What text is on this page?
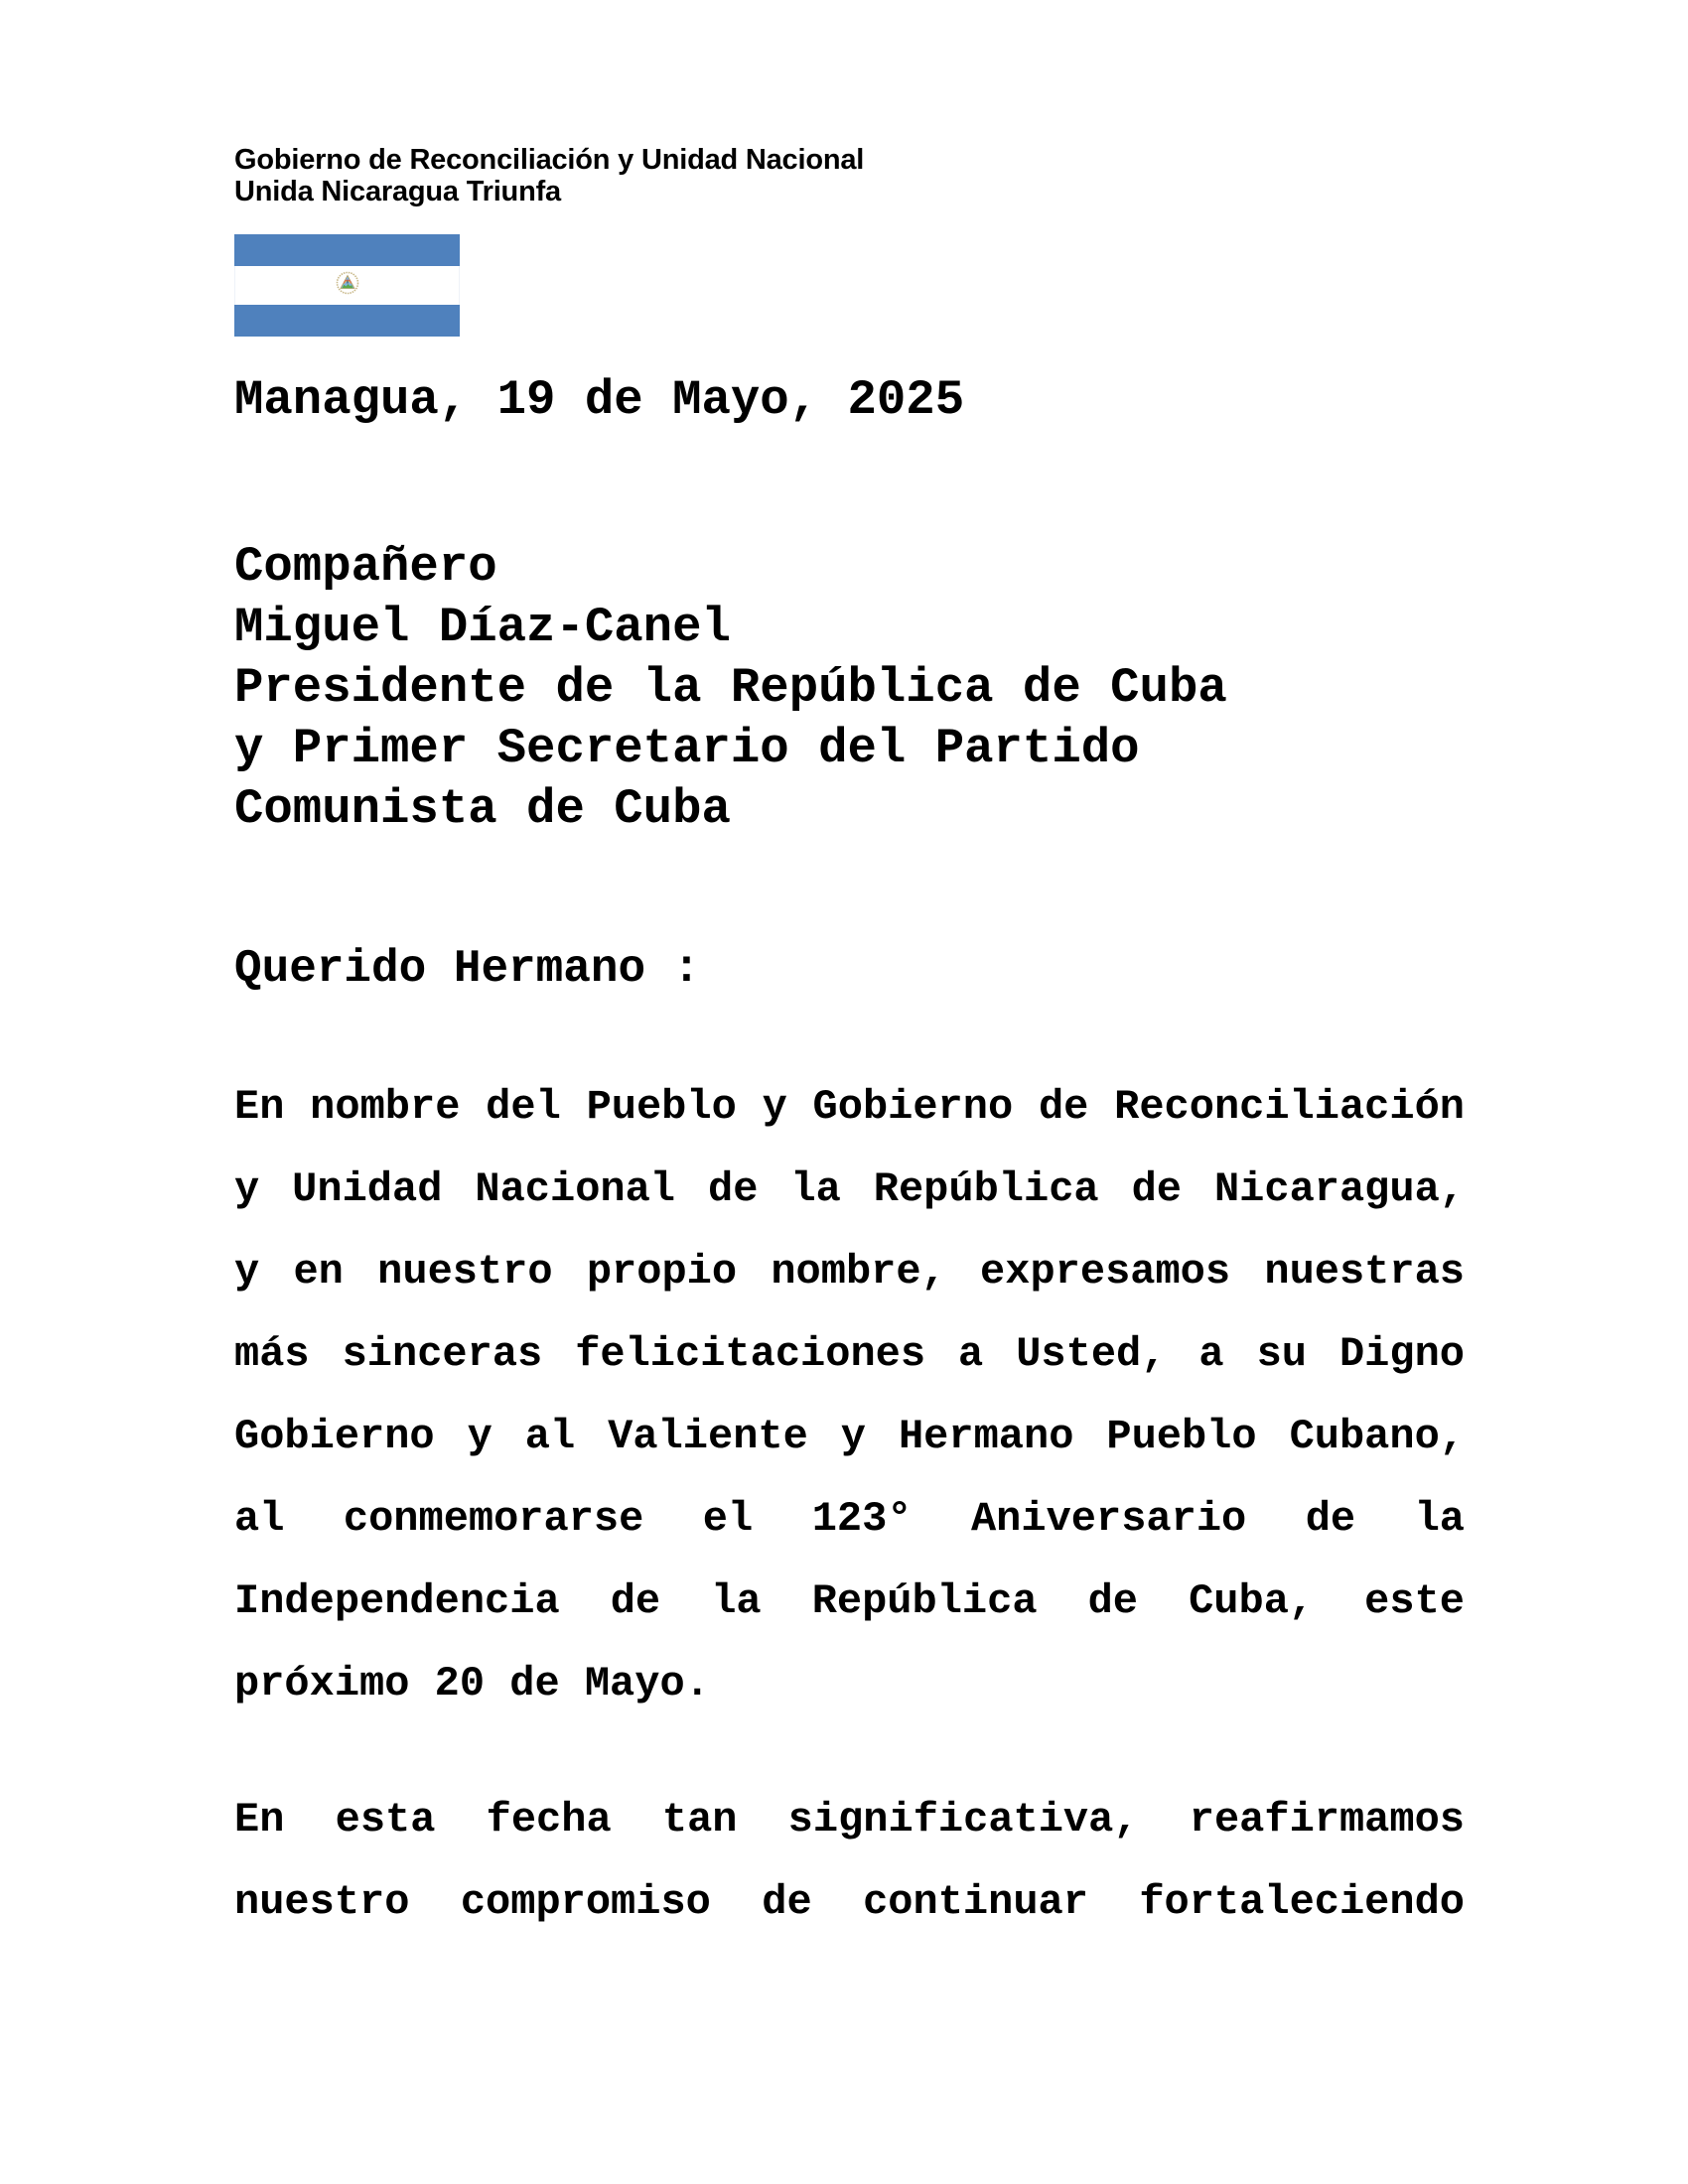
Gobierno de Reconciliación y Unidad Nacional
Unida Nicaragua Triunfa
Managua, 19 de Mayo, 2025
Compañero
Miguel Díaz-Canel
Presidente de la República de Cuba
y Primer Secretario del Partido
Comunista de Cuba
Querido Hermano :
En nombre del Pueblo y Gobierno de Reconciliación
y Unidad Nacional de la República de Nicaragua,
y en nuestro propio nombre, expresamos nuestras
más sinceras felicitaciones a Usted, a su Digno
Gobierno y al Valiente y Hermano Pueblo Cubano,
al conmemorarse el 123° Aniversario de la
Independencia de la República de Cuba, este
próximo 20 de Mayo.
En esta fecha tan significativa, reafirmamos
nuestro compromiso de continuar fortaleciendo
